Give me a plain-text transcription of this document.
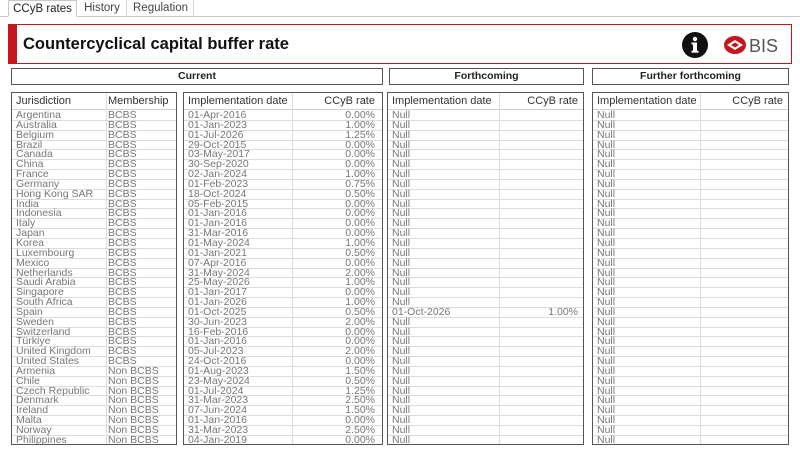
CCyB rates	History	Regulation
Countercyclical capital buffer rate	BIS
Current	Forthcoming	Further forthcoming
Jurisdiction	Membership
Argentina	BCBS
Australia	BCBS
Belgium	BCBS
Brazil	BCBS
Canada	BCBS
China	BCBS
France	BCBS
Germany	BCBS
Hong Kong SAR BCBS
India	BCBS
Indonesia	BCBS
Italy	BCBS
Japan	BCBS
Korea	BCBS
Luxembourg	BCBS
Mexico	BCBS
Netherlands	BCBS
Saudi Arabia	BCBS
Singapore	BCBS
South Africa	BCBS
Spain	BCBS
Sweden	BCBS
Switzerland	BCBS
Türkiye	BCBS
United Kingdom BCBS
United States	BCBS
Armenia	Non BCBS
Chile	Non BCBS
Czech Republic Non BCBS
Denmark	Non BCBS
Ireland	Non BCBS
Malta	Non BCBS
Norway	Non BCBS
Philippines	Non BCBS
Implementation date	CCyB rate
01-Apr-2016	0.00%
01-Jan-2023	1.00%
01-Jul-2026	1.25%
29-Oct-2015	0.00%
03-May-2017	0.00%
30-Sep-2020	0.00%
02-Jan-2024	1.00%
01-Feb-2023	0.75%
18-Oct-2024	0.50%
05-Feb-2015	0.00%
01-Jan-2016	0.00%
01-Jan-2016	0.00%
31-Mar-2016	0.00%
01-May-2024	1.00%
01-Jan-2021	0.50%
07-Apr-2016	0.00%
31-May-2024	2.00%
25-May-2026	1.00%
01-Jan-2017	0.00%
01-Jan-2026	1.00%
01-Oct-2025	0.50%
30-Jun-2023	2.00%
16-Feb-2016	0.00%
01-Jan-2016	0.00%
05-Jul-2023	2.00%
24-Oct-2016	0.00%
01-Aug-2023	1.50%
23-May-2024	0.50%
01-Jul-2024	1.25%
31-Mar-2023	2.50%
07-Jun-2024	1.50%
01-Jan-2016	0.00%
31-Mar-2023	2.50%
04-Jan-2019	0.00%
Implementation date	CCyB rate
Null
Null
Null
Null
Null
Null
Null
Null
Null
Null
Null
Null
Null
Null
Null
Null
Null
Null
Null
Null
01-Oct-2026	1.00%
Null
Null
Null
Null
Null
Null
Null
Null
Null
Null
Null
Null
Null
Implementation date	CCyB rate
Null
Null
Null
Null
Null
Null
Null
Null
Null
Null
Null
Null
Null
Null
Null
Null
Null
Null
Null
Null
Null
Null
Null
Null
Null
Null
Null
Null
Null
Null
Null
Null
Null
Null
